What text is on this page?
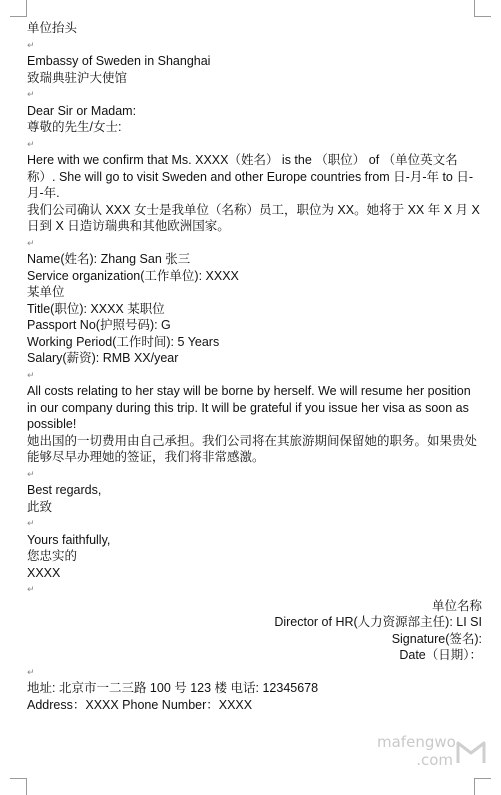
单位抬头
↵
Embassy of Sweden in Shanghai
致瑞典驻沪大使馆
↵
Dear Sir or Madam:
尊敬的先生/女士:
↵
Here with we confirm that Ms. XXXX（姓名） is the （职位） of （单位英文名称）. She will go to visit Sweden and other Europe countries from 日-月-年 to 日-月-年.
我们公司确认 XXX 女士是我单位（名称）员工，职位为 XX。她将于 XX 年 X 月 X 日到 X 日造访瑞典和其他欧洲国家。
↵
Name(姓名): Zhang San 张三
Service organization(工作单位): XXXX
某单位
Title(职位): XXXX 某职位
Passport No(护照号码): G
Working Period(工作时间): 5 Years
Salary(薪资): RMB XX/year
↵
All costs relating to her stay will be borne by herself. We will resume her position in our company during this trip. It will be grateful if you issue her visa as soon as possible!
她出国的一切费用由自己承担。我们公司将在其旅游期间保留她的职务。如果贵处能够尽早办理她的签证，我们将非常感激。
↵
Best regards,
此致
↵
Yours faithfully,
您忠实的
XXXX
↵
单位名称
Director of HR(人力资源部主任): LI SI
Signature(签名):
Date（日期）：
↵
地址: 北京市一二三路 100 号 123 楼 电话: 12345678
Address：XXXX Phone Number：XXXX
mafengwo
.com
